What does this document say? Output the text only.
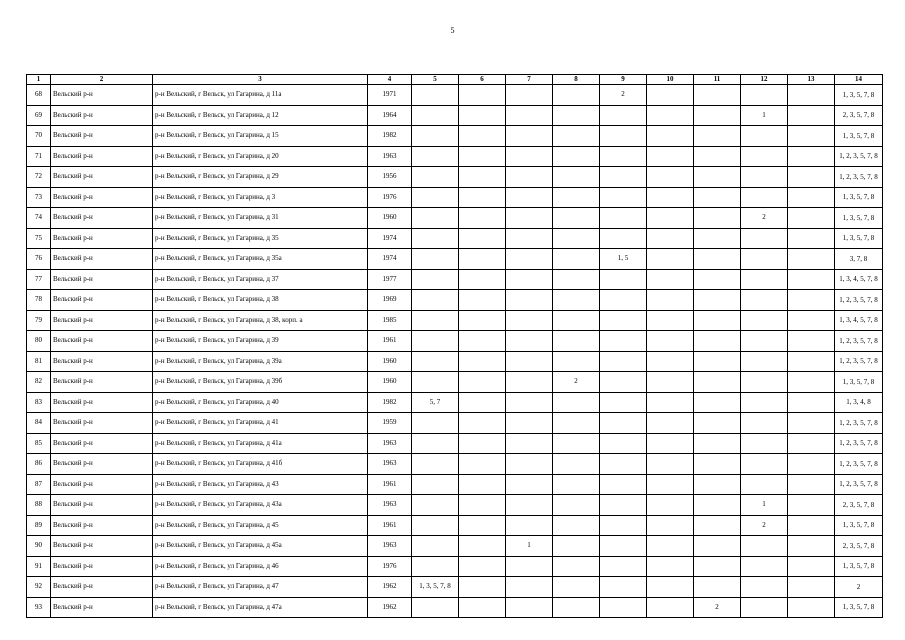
5
1	2	3	4	5	6	7	8	9	10	11	12	13	14
68	Вельский р-н	р-н Вельский, г Вельск, ул Гагарина, д 11а	1971					2					1, 3, 5, 7, 8
69	Вельский р-н	р-н Вельский, г Вельск, ул Гагарина, д 12	1964								1		2, 3, 5, 7, 8
70	Вельский р-н	р-н Вельский, г Вельск, ул Гагарина, д 15	1982										1, 3, 5, 7, 8
71	Вельский р-н	р-н Вельский, г Вельск, ул Гагарина, д 20	1963										1, 2, 3, 5, 7, 8
72	Вельский р-н	р-н Вельский, г Вельск, ул Гагарина, д 29	1956										1, 2, 3, 5, 7, 8
73	Вельский р-н	р-н Вельский, г Вельск, ул Гагарина, д 3	1976										1, 3, 5, 7, 8
74	Вельский р-н	р-н Вельский, г Вельск, ул Гагарина, д 31	1960								2		1, 3, 5, 7, 8
75	Вельский р-н	р-н Вельский, г Вельск, ул Гагарина, д 35	1974										1, 3, 5, 7, 8
76	Вельский р-н	р-н Вельский, г Вельск, ул Гагарина, д 35а	1974					1, 5					3, 7, 8
77	Вельский р-н	р-н Вельский, г Вельск, ул Гагарина, д 37	1977										1, 3, 4, 5, 7, 8
78	Вельский р-н	р-н Вельский, г Вельск, ул Гагарина, д 38	1969										1, 2, 3, 5, 7, 8
79	Вельский р-н	р-н Вельский, г Вельск, ул Гагарина, д 38, корп. а	1985										1, 3, 4, 5, 7, 8
80	Вельский р-н	р-н Вельский, г Вельск, ул Гагарина, д 39	1961										1, 2, 3, 5, 7, 8
81	Вельский р-н	р-н Вельский, г Вельск, ул Гагарина, д 39а	1960										1, 2, 3, 5, 7, 8
82	Вельский р-н	р-н Вельский, г Вельск, ул Гагарина, д 39б	1960				2						1, 3, 5, 7, 8
83	Вельский р-н	р-н Вельский, г Вельск, ул Гагарина, д 40	1982	5, 7									1, 3, 4, 8
84	Вельский р-н	р-н Вельский, г Вельск, ул Гагарина, д 41	1959										1, 2, 3, 5, 7, 8
85	Вельский р-н	р-н Вельский, г Вельск, ул Гагарина, д 41а	1963										1, 2, 3, 5, 7, 8
86	Вельский р-н	р-н Вельский, г Вельск, ул Гагарина, д 41б	1963										1, 2, 3, 5, 7, 8
87	Вельский р-н	р-н Вельский, г Вельск, ул Гагарина, д 43	1961										1, 2, 3, 5, 7, 8
88	Вельский р-н	р-н Вельский, г Вельск, ул Гагарина, д 43а	1963								1		2, 3, 5, 7, 8
89	Вельский р-н	р-н Вельский, г Вельск, ул Гагарина, д 45	1961								2		1, 3, 5, 7, 8
90	Вельский р-н	р-н Вельский, г Вельск, ул Гагарина, д 45а	1963			1							2, 3, 5, 7, 8
91	Вельский р-н	р-н Вельский, г Вельск, ул Гагарина, д 46	1976										1, 3, 5, 7, 8
92	Вельский р-н	р-н Вельский, г Вельск, ул Гагарина, д 47	1962	1, 3, 5, 7, 8									2
93	Вельский р-н	р-н Вельский, г Вельск, ул Гагарина, д 47а	1962							2			1, 3, 5, 7, 8
